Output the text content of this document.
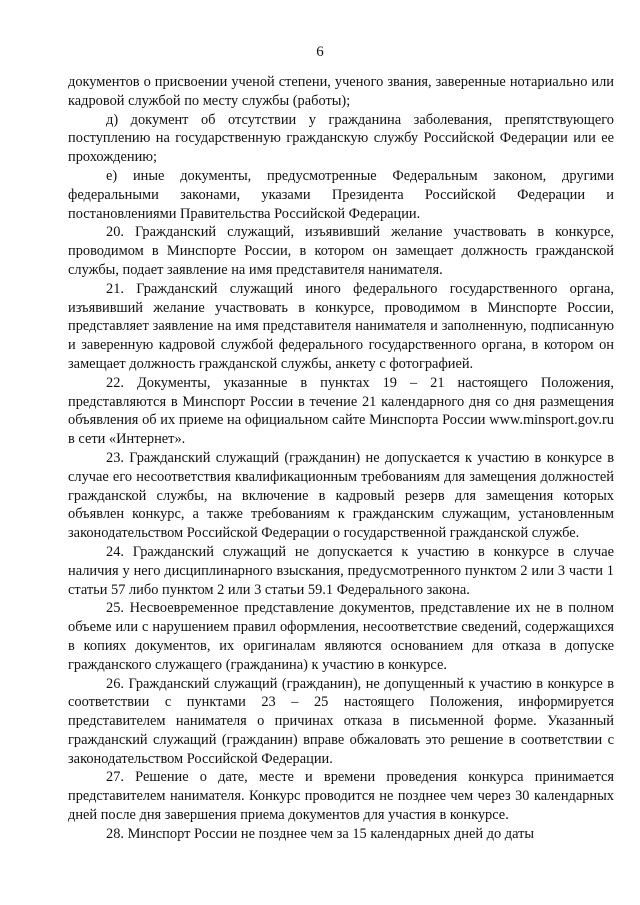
6

документов о присвоении ученой степени, ученого звания, заверенные нотариально или кадровой службой по месту службы (работы);

д) документ об отсутствии у гражданина заболевания, препятствующего поступлению на государственную гражданскую службу Российской Федерации или ее прохождению;

е) иные документы, предусмотренные Федеральным законом, другими федеральными законами, указами Президента Российской Федерации и постановлениями Правительства Российской Федерации.

20. Гражданский служащий, изъявивший желание участвовать в конкурсе, проводимом в Минспорте России, в котором он замещает должность гражданской службы, подает заявление на имя представителя нанимателя.

21. Гражданский служащий иного федерального государственного органа, изъявивший желание участвовать в конкурсе, проводимом в Минспорте России, представляет заявление на имя представителя нанимателя и заполненную, подписанную и заверенную кадровой службой федерального государственного органа, в котором он замещает должность гражданской службы, анкету с фотографией.

22. Документы, указанные в пунктах 19 – 21 настоящего Положения, представляются в Минспорт России в течение 21 календарного дня со дня размещения объявления об их приеме на официальном сайте Минспорта России www.minsport.gov.ru в сети «Интернет».

23. Гражданский служащий (гражданин) не допускается к участию в конкурсе в случае его несоответствия квалификационным требованиям для замещения должностей гражданской службы, на включение в кадровый резерв для замещения которых объявлен конкурс, а также требованиям к гражданским служащим, установленным законодательством Российской Федерации о государственной гражданской службе.

24. Гражданский служащий не допускается к участию в конкурсе в случае наличия у него дисциплинарного взыскания, предусмотренного пунктом 2 или 3 части 1 статьи 57 либо пунктом 2 или 3 статьи 59.1 Федерального закона.

25. Несвоевременное представление документов, представление их не в полном объеме или с нарушением правил оформления, несоответствие сведений, содержащихся в копиях документов, их оригиналам являются основанием для отказа в допуске гражданского служащего (гражданина) к участию в конкурсе.

26. Гражданский служащий (гражданин), не допущенный к участию в конкурсе в соответствии с пунктами 23 – 25 настоящего Положения, информируется представителем нанимателя о причинах отказа в письменной форме. Указанный гражданский служащий (гражданин) вправе обжаловать это решение в соответствии с законодательством Российской Федерации.

27. Решение о дате, месте и времени проведения конкурса принимается представителем нанимателя. Конкурс проводится не позднее чем через 30 календарных дней после дня завершения приема документов для участия в конкурсе.

28. Минспорт России не позднее чем за 15 календарных дней до даты
